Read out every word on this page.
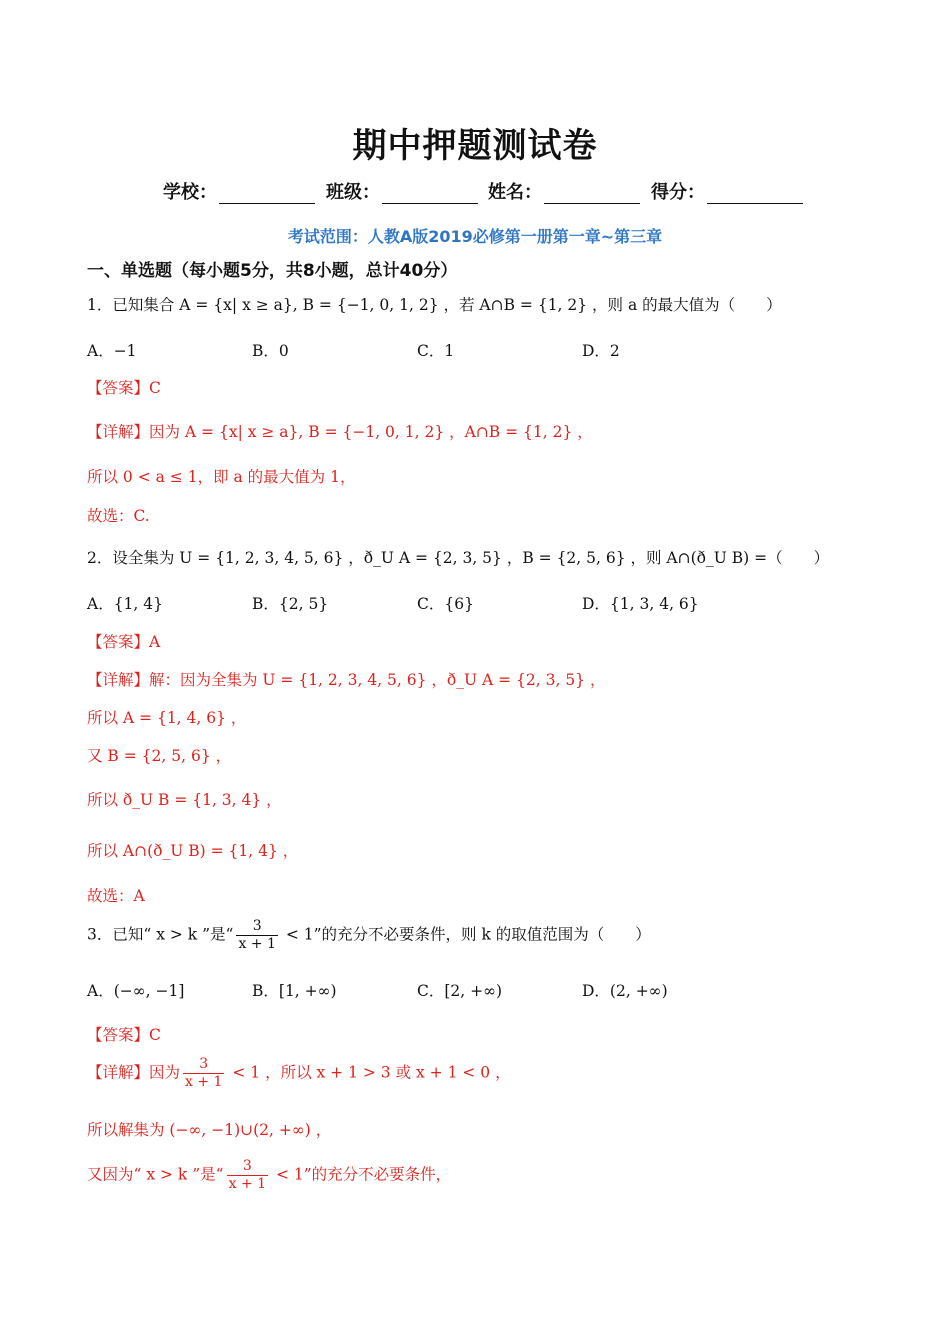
期中押题测试卷
学校：	班级：	姓名：	得分：
考试范围：人教A版2019必修第一册第一章~第三章
一、单选题（每小题5分，共8小题，总计40分）
1．已知集合 A = {x| x ≥ a}, B = {−1, 0, 1, 2} ，若 A∩B = {1, 2} ，则 a 的最大值为（　　）
A．−1	B．0	C．1	D．2
【答案】C
【详解】因为 A = {x| x ≥ a}, B = {−1, 0, 1, 2} ，A∩B = {1, 2} ，
所以 0 < a ≤ 1，即 a 的最大值为 1，
故选：C.
2．设全集为 U = {1, 2, 3, 4, 5, 6} ，ð_U A = {2, 3, 5} ，B = {2, 5, 6} ，则 A∩(ð_U B) =（　　）
A．{1, 4}	B．{2, 5}	C．{6}	D．{1, 3, 4, 6}
【答案】A
【详解】解：因为全集为 U = {1, 2, 3, 4, 5, 6} ，ð_U A = {2, 3, 5} ，
所以 A = {1, 4, 6} ，
又 B = {2, 5, 6} ，
所以 ð_U B = {1, 3, 4} ，
所以 A∩(ð_U B) = {1, 4} ，
故选：A
3．已知“ x > k ”是“ $\frac{3}{x + 1} < 1$”的充分不必要条件，则 k 的取值范围为（　　）
A．(−∞, −1]	B．[1, +∞)	C．[2, +∞)	D．(2, +∞)
【答案】C
【详解】因为 $\frac{3}{x + 1} < 1$ ，所以 x + 1 > 3 或 x + 1 < 0 ，
所以解集为 (−∞, −1)∪(2, +∞) ，
又因为“ x > k ”是“ $\frac{3}{x + 1} < 1$”的充分不必要条件，
